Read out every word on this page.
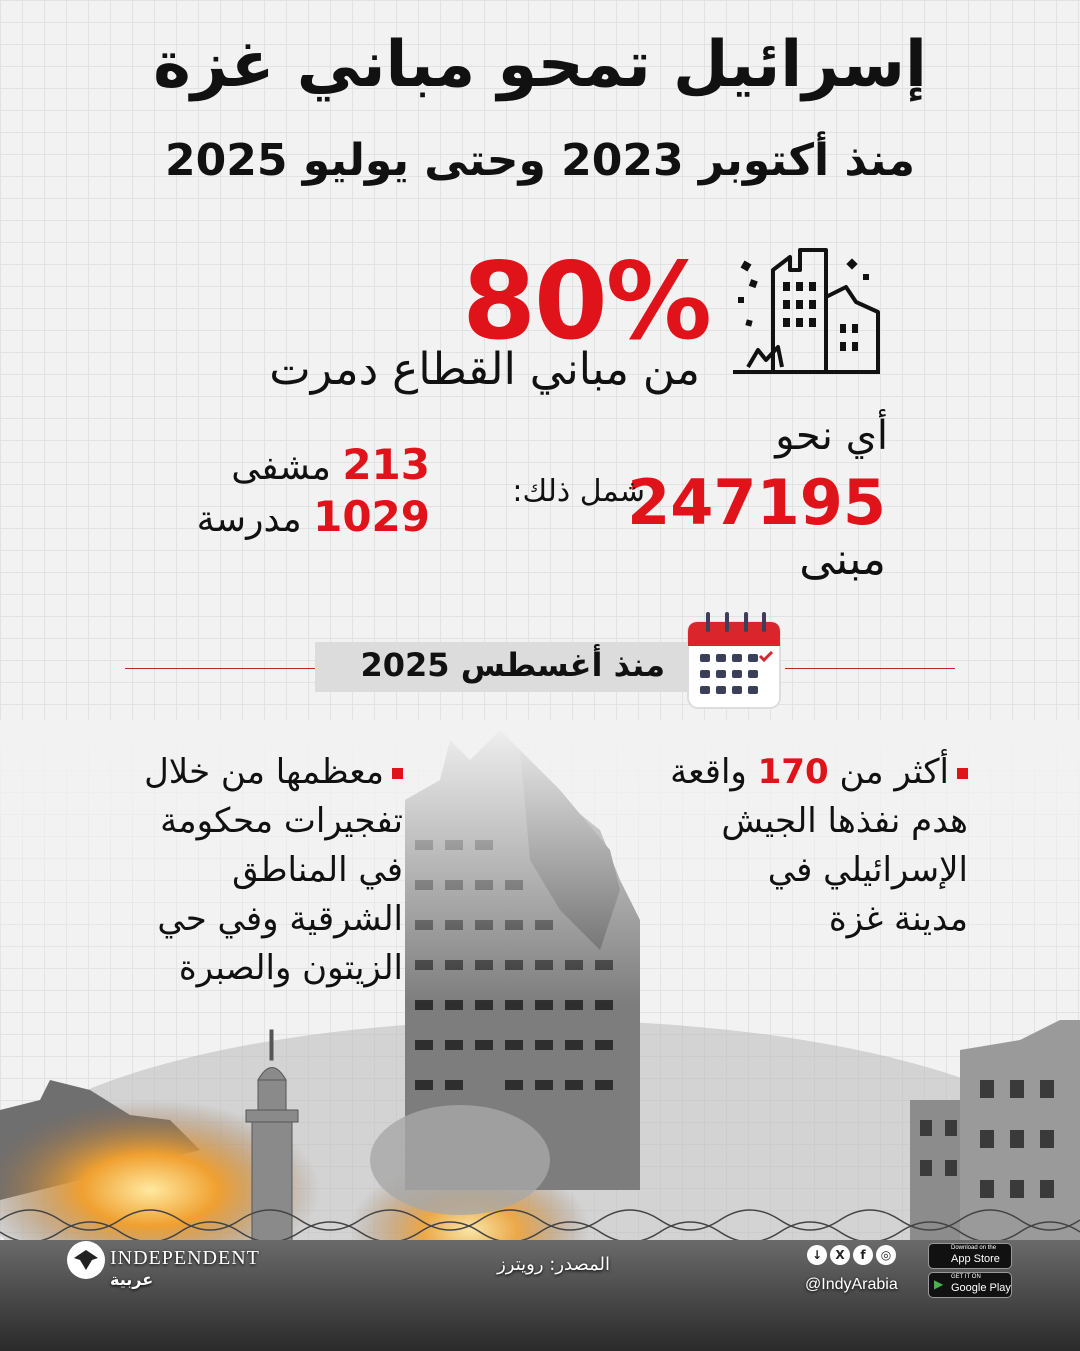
إسرائيل تمحو مباني غزة
منذ أكتوبر 2023 وحتى يوليو 2025
80%
من مباني القطاع دمرت
أي نحو
247195
مبنى
شمل ذلك:
213 مشفى
1029 مدرسة
منذ أغسطس 2025
أكثر من 170 واقعة
هدم نفذها الجيش
الإسرائيلي في
مدينة غزة
معظمها من خلال
تفجيرات محكومة
في المناطق
الشرقية وفي حي
الزيتون والصبرة
INDEPENDENT
عربية
المصدر: رويترز	↓ X f ◎
@IndyArabia
Download on the
App Store
▶ GET IT ON
Google Play
